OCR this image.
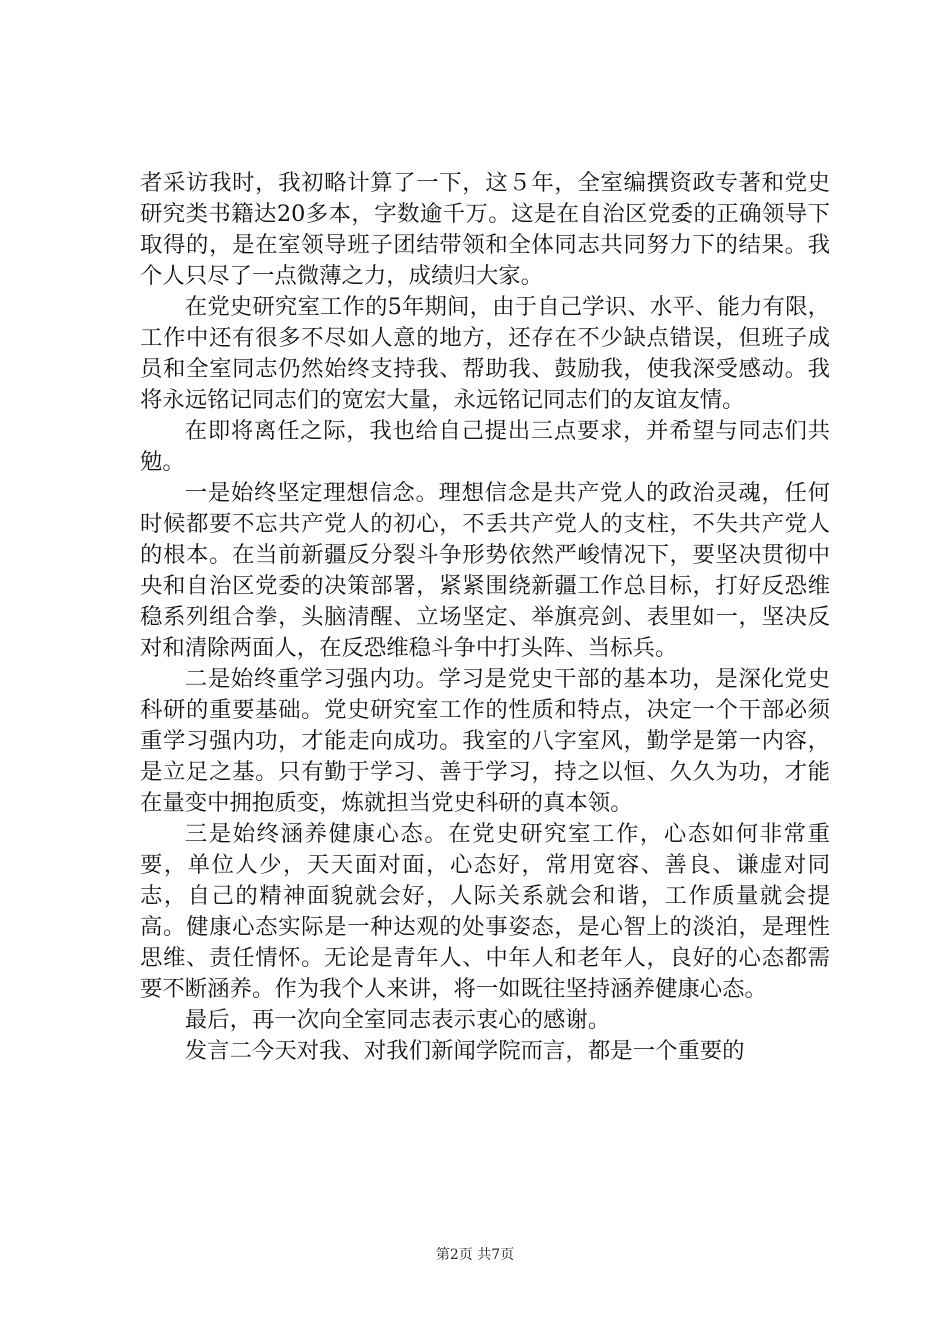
者采访我时，我初略计算了一下，这５年，全室编撰资政专著和党史研究类书籍达20多本，字数逾千万。这是在自治区党委的正确领导下取得的，是在室领导班子团结带领和全体同志共同努力下的结果。我个人只尽了一点微薄之力，成绩归大家。

在党史研究室工作的5年期间，由于自己学识、水平、能力有限，工作中还有很多不尽如人意的地方，还存在不少缺点错误，但班子成员和全室同志仍然始终支持我、帮助我、鼓励我，使我深受感动。我将永远铭记同志们的宽宏大量，永远铭记同志们的友谊友情。

在即将离任之际，我也给自己提出三点要求，并希望与同志们共勉。

一是始终坚定理想信念。理想信念是共产党人的政治灵魂，任何时候都要不忘共产党人的初心，不丢共产党人的支柱，不失共产党人的根本。在当前新疆反分裂斗争形势依然严峻情况下，要坚决贯彻中央和自治区党委的决策部署，紧紧围绕新疆工作总目标，打好反恐维稳系列组合拳，头脑清醒、立场坚定、举旗亮剑、表里如一，坚决反对和清除两面人，在反恐维稳斗争中打头阵、当标兵。

二是始终重学习强内功。学习是党史干部的基本功，是深化党史科研的重要基础。党史研究室工作的性质和特点，决定一个干部必须重学习强内功，才能走向成功。我室的八字室风，勤学是第一内容，是立足之基。只有勤于学习、善于学习，持之以恒、久久为功，才能在量变中拥抱质变，炼就担当党史科研的真本领。

三是始终涵养健康心态。在党史研究室工作，心态如何非常重要，单位人少，天天面对面，心态好，常用宽容、善良、谦虚对同志，自己的精神面貌就会好，人际关系就会和谐，工作质量就会提高。健康心态实际是一种达观的处事姿态，是心智上的淡泊，是理性思维、责任情怀。无论是青年人、中年人和老年人，良好的心态都需要不断涵养。作为我个人来讲，将一如既往坚持涵养健康心态。

最后，再一次向全室同志表示衷心的感谢。

发言二今天对我、对我们新闻学院而言，都是一个重要的

第2页 共7页
